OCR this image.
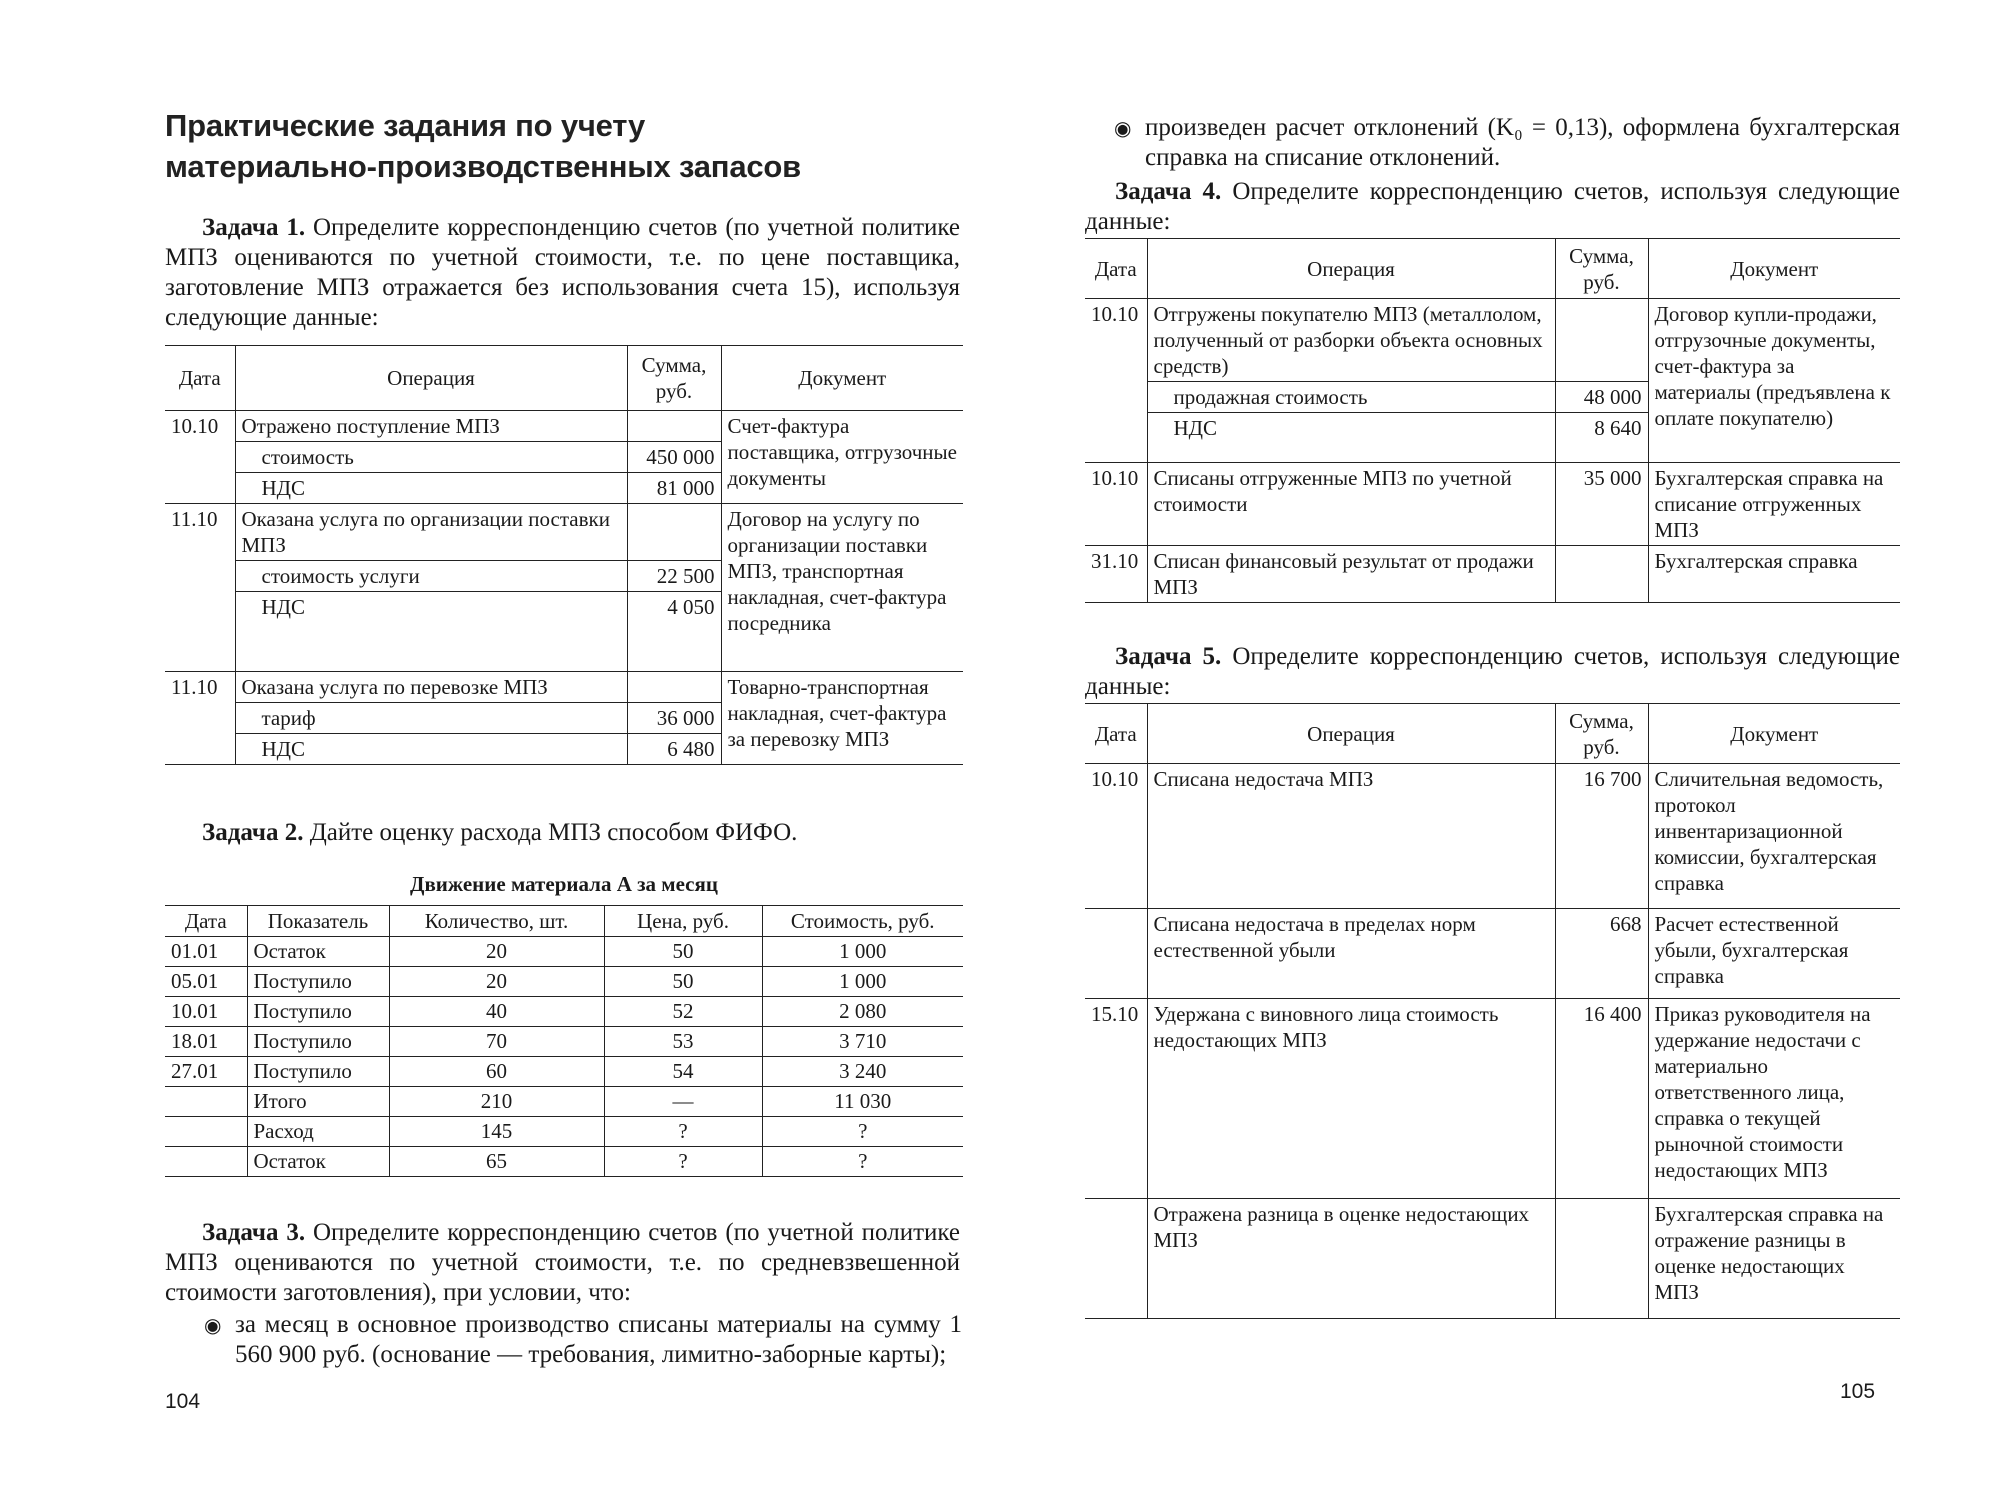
Практические задания по учету материально-производственных запасов

Задача 1. Определите корреспонденцию счетов (по учетной политике МПЗ оцениваются по учетной стоимости, т.е. по цене поставщика, заготовление МПЗ отражается без использования счета 15), используя следующие данные:

Дата	Операция	Сумма, руб.	Документ
10.10	Отражено поступление МПЗ		Счет-фактура поставщика, отгрузочные документы
	стоимость	450 000	
	НДС	81 000	
11.10	Оказана услуга по организации поставки МПЗ		Договор на услугу по организации поставки МПЗ, транспортная накладная, счет-фактура посредника
	стоимость услуги	22 500	
	НДС	4 050	
11.10	Оказана услуга по перевозке МПЗ		Товарно-транспортная накладная, счет-фактура за перевозку МПЗ
	тариф	36 000	
	НДС	6 480	

Задача 2. Дайте оценку расхода МПЗ способом ФИФО.

Движение материала А за месяц
Дата	Показатель	Количество, шт.	Цена, руб.	Стоимость, руб.
01.01	Остаток	20	50	1 000
05.01	Поступило	20	50	1 000
10.01	Поступило	40	52	2 080
18.01	Поступило	70	53	3 710
27.01	Поступило	60	54	3 240
	Итого	210	—	11 030
	Расход	145	?	?
	Остаток	65	?	?

Задача 3. Определите корреспонденцию счетов (по учетной политике МПЗ оцениваются по учетной стоимости, т.е. по средневзвешенной стоимости заготовления), при условии, что:

◉ за месяц в основное производство списаны материалы на сумму 1 560 900 руб. (основание — требования, лимитно-заборные карты);
104
◉ произведен расчет отклонений (K₀ = 0,13), оформлена бухгалтерская справка на списание отклонений.

Задача 4. Определите корреспонденцию счетов, используя следующие данные:

Дата	Операция	Сумма, руб.	Документ
10.10	Отгружены покупателю МПЗ (металлолом, полученный от разборки объекта основных средств)		Договор купли-продажи, отгрузочные документы, счет-фактура за материалы (предъявлена к оплате покупателю)
	продажная стоимость	48 000	
	НДС	8 640	
10.10	Списаны отгруженные МПЗ по учетной стоимости	35 000	Бухгалтерская справка на списание отгруженных МПЗ
31.10	Списан финансовый результат от продажи МПЗ		Бухгалтерская справка

Задача 5. Определите корреспонденцию счетов, используя следующие данные:

Дата	Операция	Сумма, руб.	Документ
10.10	Списана недостача МПЗ	16 700	Сличительная ведомость, протокол инвентаризационной комиссии, бухгалтерская справка
	Списана недостача в пределах норм естественной убыли	668	Расчет естественной убыли, бухгалтерская справка
15.10	Удержана с виновного лица стоимость недостающих МПЗ	16 400	Приказ руководителя на удержание недостачи с материально ответственного лица, справка о текущей рыночной стоимости недостающих МПЗ
	Отражена разница в оценке недостающих МПЗ		Бухгалтерская справка на отражение разницы в оценке недостающих МПЗ
105
